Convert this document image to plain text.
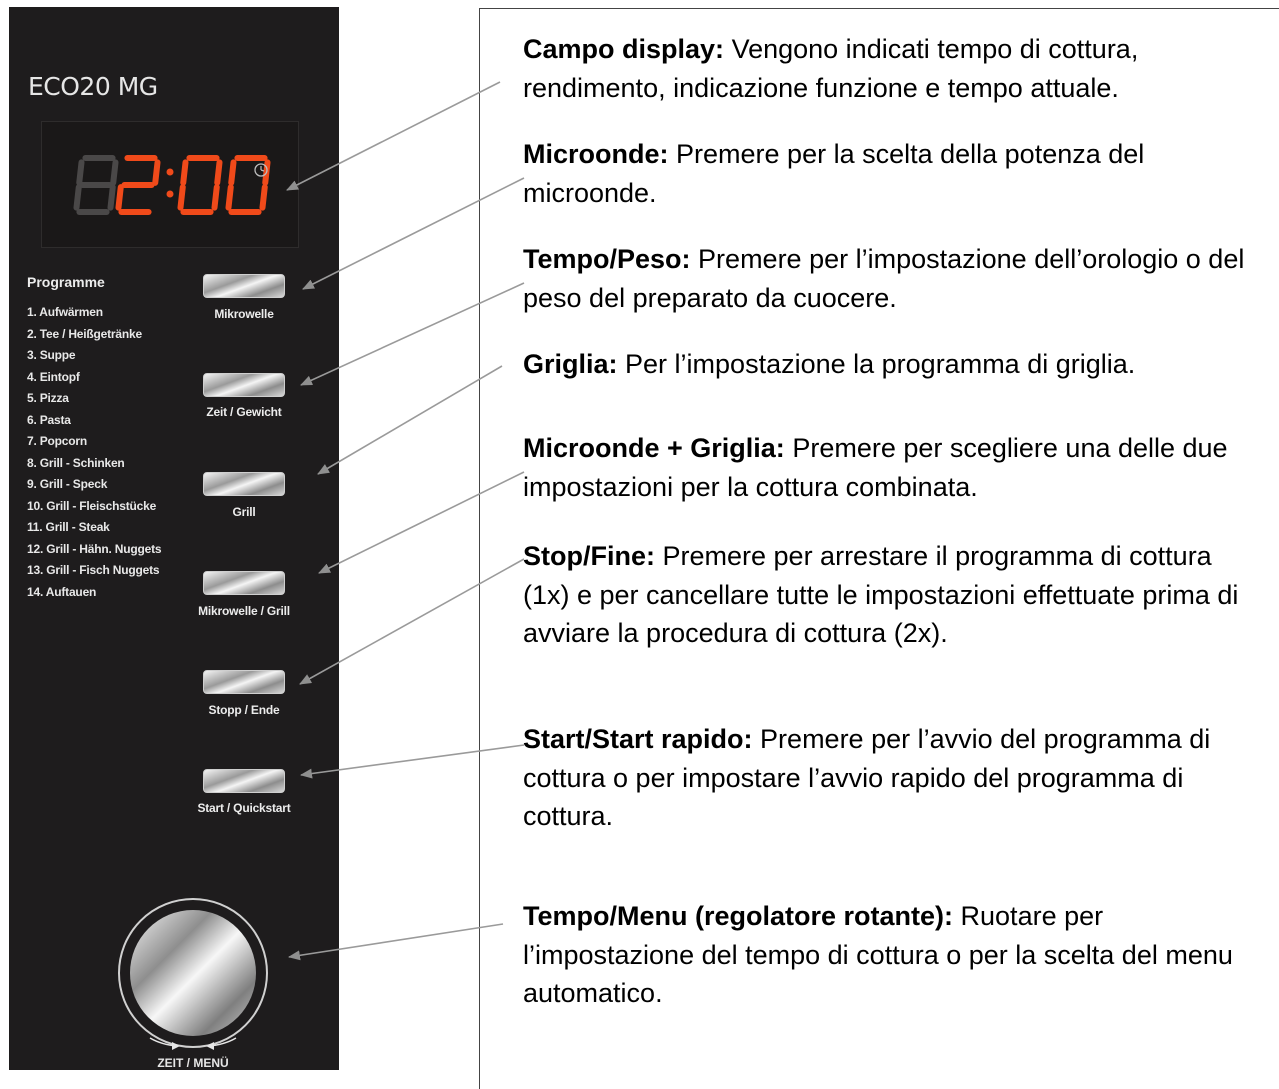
ECO20 MG
Programme
1. Aufwärmen
2. Tee / Heißgetränke
3. Suppe
4. Eintopf
5. Pizza
6. Pasta
7. Popcorn
8. Grill - Schinken
9. Grill - Speck
10. Grill - Fleischstücke
11. Grill - Steak
12. Grill - Hähn. Nuggets
13. Grill - Fisch Nuggets
14. Auftauen
Mikrowelle
Zeit / Gewicht
Grill
Mikrowelle / Grill
Stopp / Ende
Start / Quickstart
ZEIT / MENÜ
Campo display: Vengono indicati tempo di cottura, rendimento, indicazione funzione e tempo attuale.
Microonde: Premere per la scelta della potenza del microonde.
Tempo/Peso: Premere per l’impostazione dell’orologio o del peso del preparato da cuocere.
Griglia: Per l’impostazione la programma di griglia.
Microonde + Griglia: Premere per scegliere una delle due impostazioni per la cottura combinata.
Stop/Fine: Premere per arrestare il programma di cottura (1x) e per cancellare tutte le impostazioni effettuate prima di avviare la procedura di cottura (2x).
Start/Start rapido: Premere per l’avvio del programma di cottura o per impostare l’avvio rapido del programma di cottura.
Tempo/Menu (regolatore rotante): Ruotare per l’impostazione del tempo di cottura o per la scelta del menu automatico.
